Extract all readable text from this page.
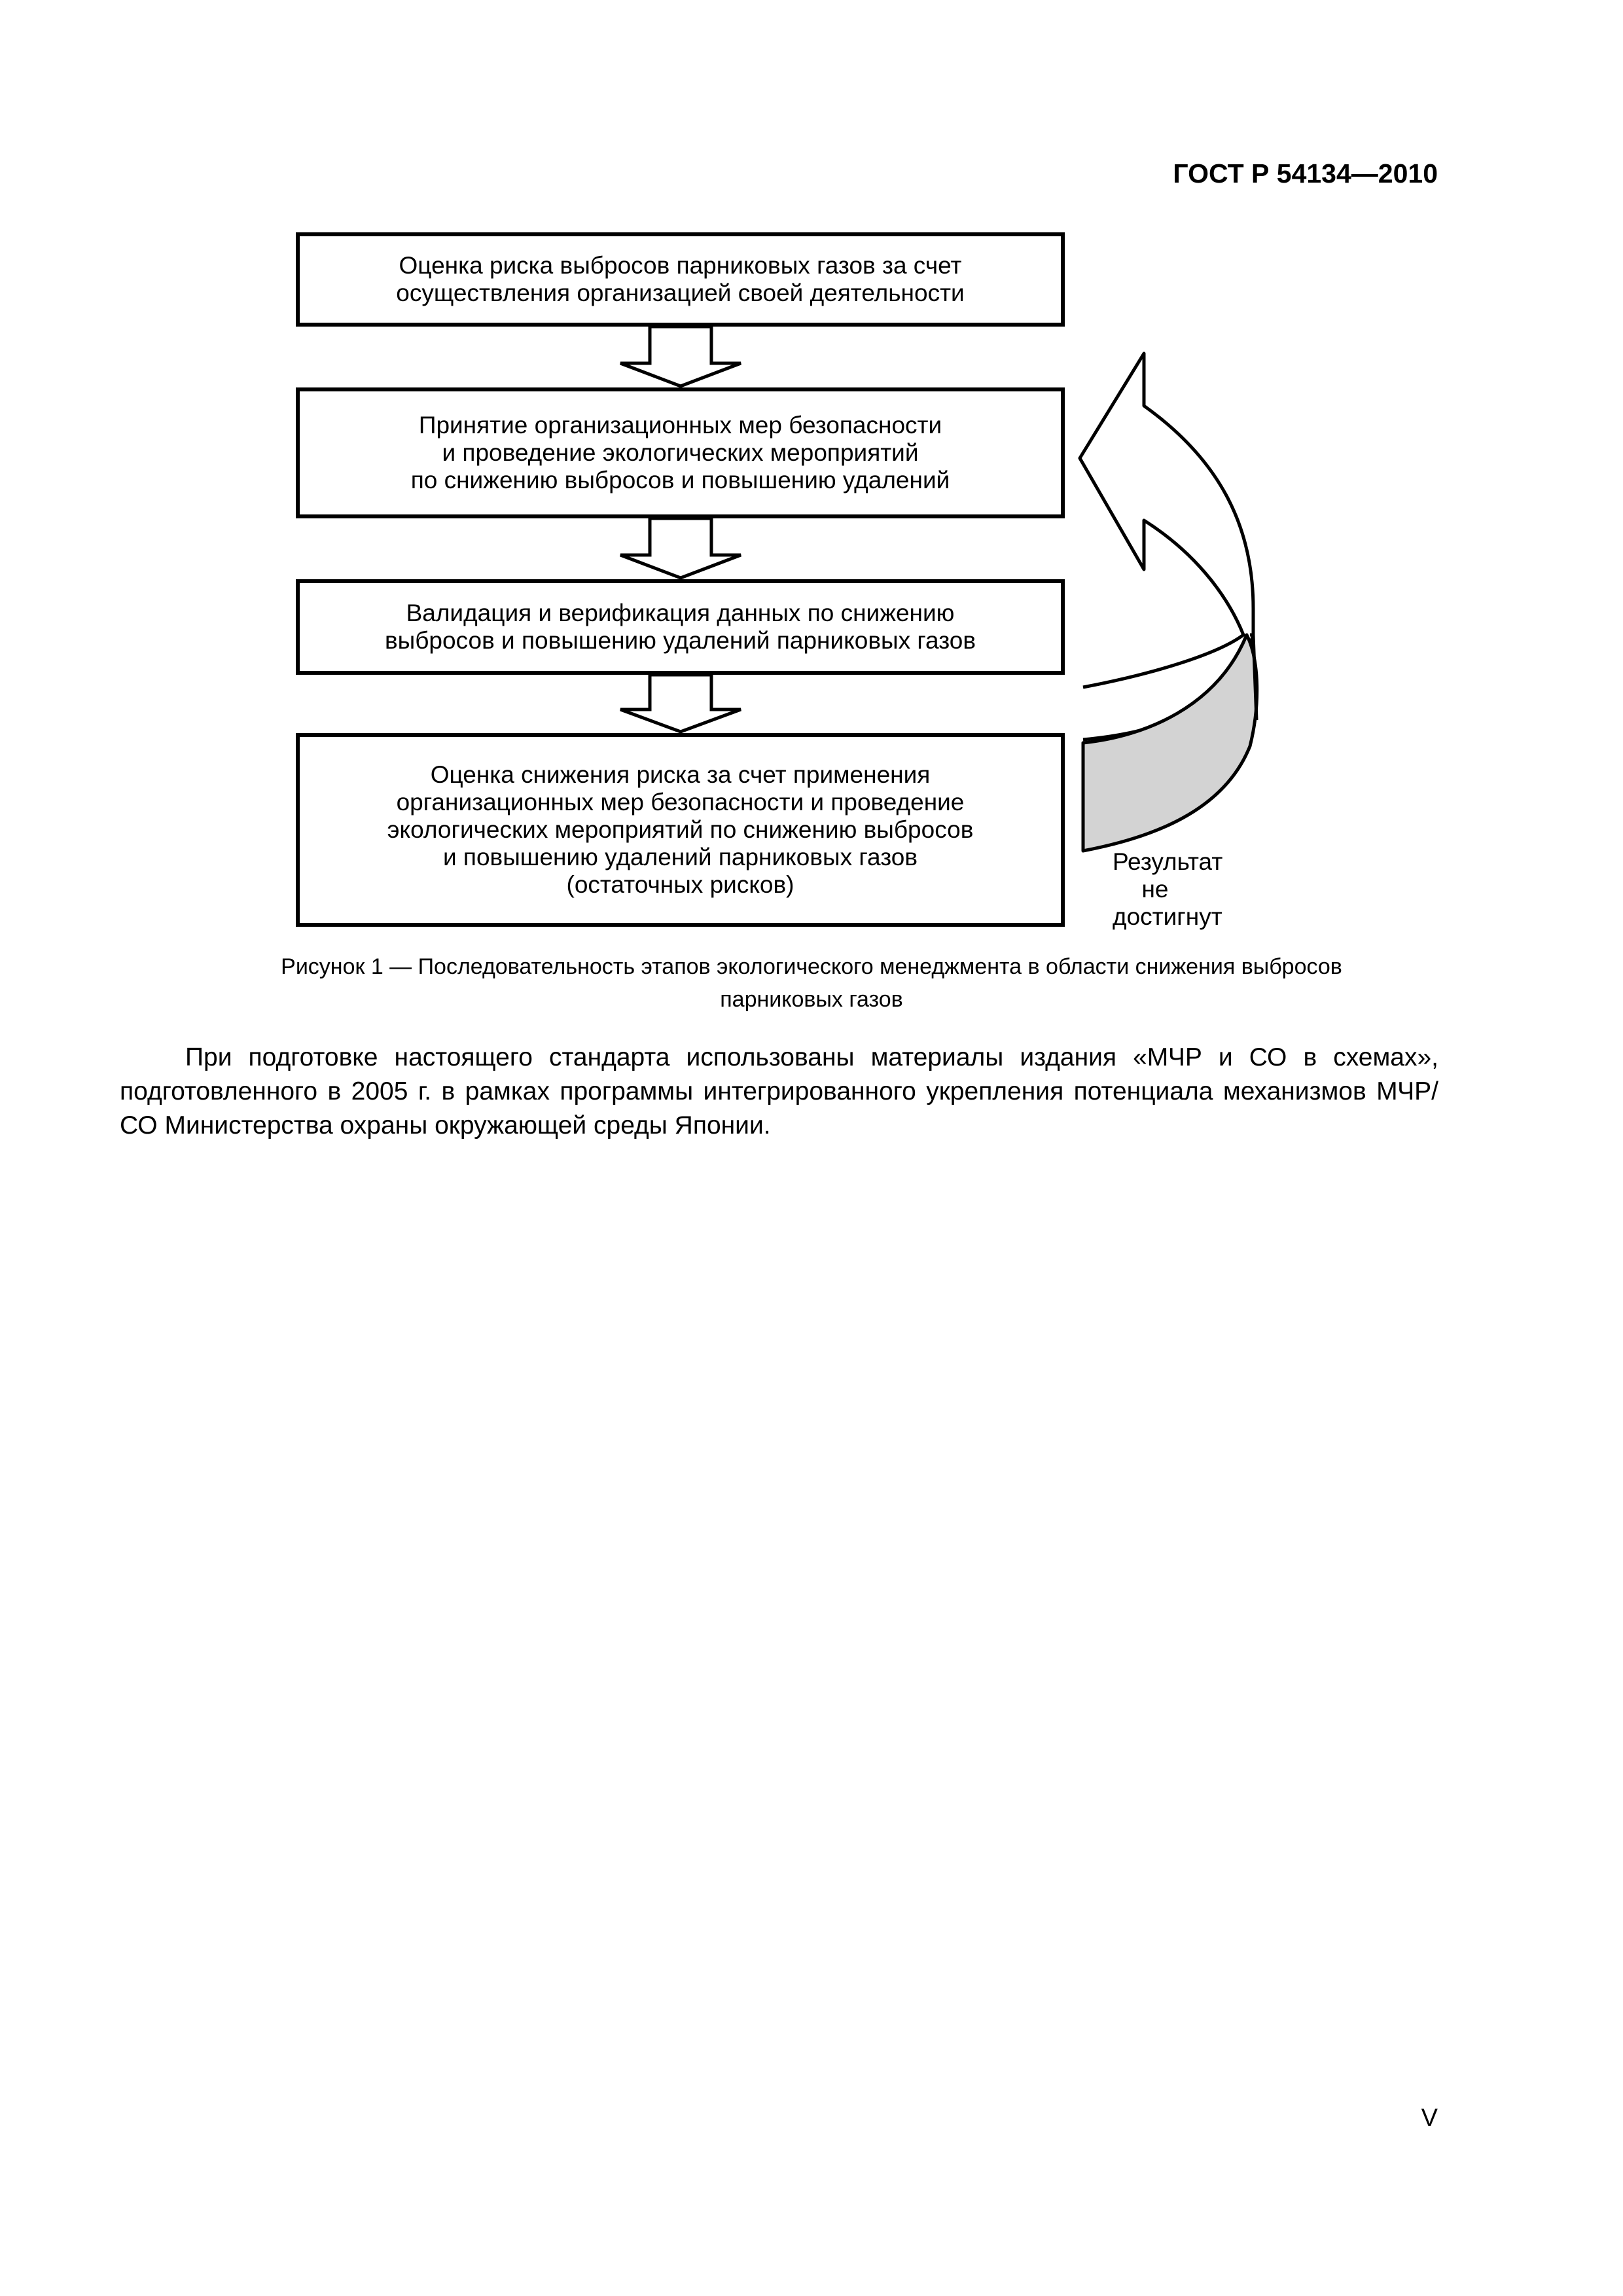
ГОСТ Р 54134—2010
Оценка риска выбросов парниковых газов за счет
осуществления организацией своей деятельности
Принятие организационных мер безопасности
и проведение экологических мероприятий
по снижению выбросов и повышению удалений
Валидация и верификация данных по снижению
выбросов и повышению удалений парниковых газов
Оценка снижения риска за счет применения
организационных мер безопасности и проведение
экологических мероприятий по снижению выбросов
и повышению удалений парниковых газов
(остаточных рисков)
Результат
не
достигнут
Рисунок 1 — Последовательность этапов экологического менеджмента в области снижения выбросов
парниковых газов

При подготовке настоящего стандарта использованы материалы издания «МЧР и СО в схемах», подготовленного в 2005 г. в рамках программы интегрированного укрепления потенциала механизмов МЧР/СО Министерства охраны окружающей среды Японии.

V
